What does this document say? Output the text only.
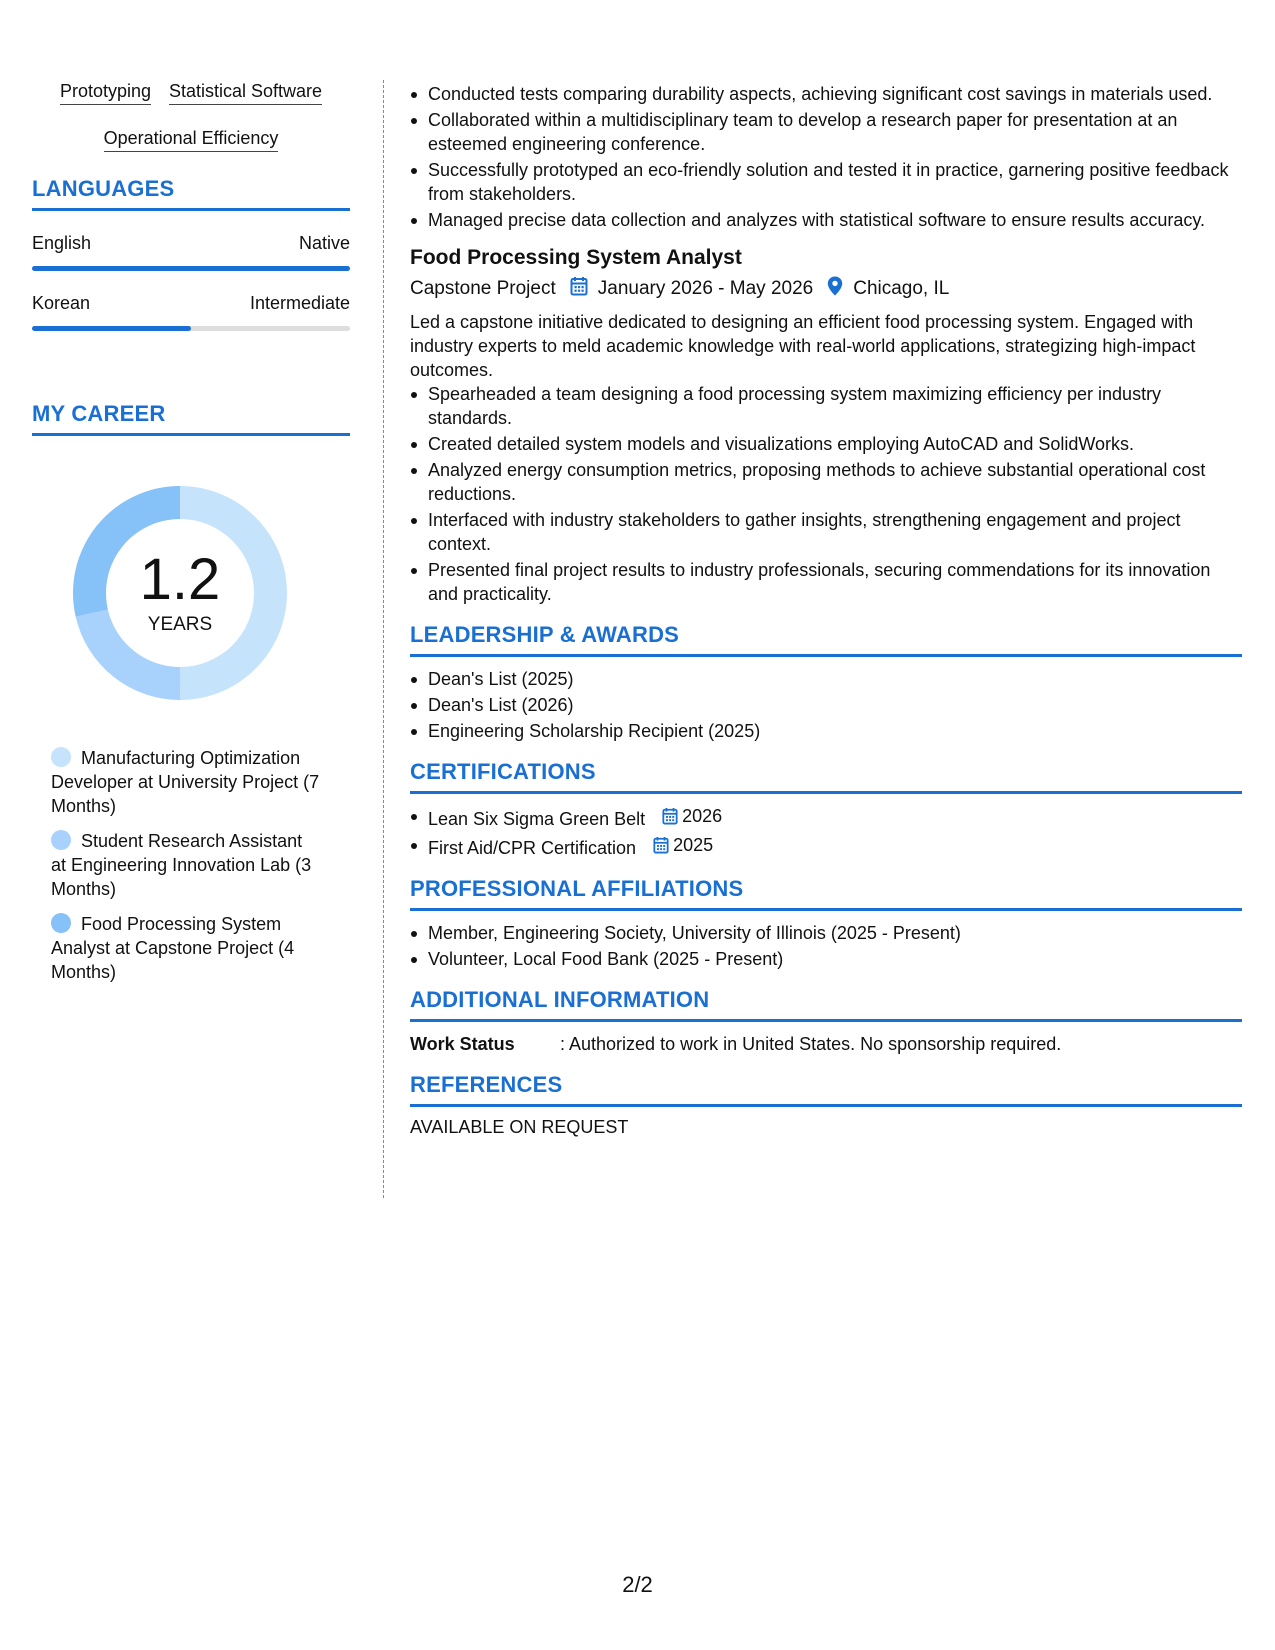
Prototyping Statistical Software
Operational Efficiency
LANGUAGES
English	Native
Korean	Intermediate
MY CAREER
1.2
YEARS
Manufacturing Optimization Developer at University Project (7 Months)
Student Research Assistant at Engineering Innovation Lab (3 Months)
Food Processing System Analyst at Capstone Project (4 Months)
Conducted tests comparing durability aspects, achieving significant cost savings in materials used.
Collaborated within a multidisciplinary team to develop a research paper for presentation at an esteemed engineering conference.
Successfully prototyped an eco-friendly solution and tested it in practice, garnering positive feedback from stakeholders.
Managed precise data collection and analyzes with statistical software to ensure results accuracy.
Food Processing System Analyst
Capstone Project January 2026 - May 2026 Chicago, IL
Led a capstone initiative dedicated to designing an efficient food processing system. Engaged with industry experts to meld academic knowledge with real-world applications, strategizing high-impact outcomes.
Spearheaded a team designing a food processing system maximizing efficiency per industry standards.
Created detailed system models and visualizations employing AutoCAD and SolidWorks.
Analyzed energy consumption metrics, proposing methods to achieve substantial operational cost reductions.
Interfaced with industry stakeholders to gather insights, strengthening engagement and project context.
Presented final project results to industry professionals, securing commendations for its innovation and practicality.
LEADERSHIP & AWARDS
Dean's List (2025)
Dean's List (2026)
Engineering Scholarship Recipient (2025)
CERTIFICATIONS
Lean Six Sigma Green Belt 2026
First Aid/CPR Certification 2025
PROFESSIONAL AFFILIATIONS
Member, Engineering Society, University of Illinois (2025 - Present)
Volunteer, Local Food Bank (2025 - Present)
ADDITIONAL INFORMATION
Work Status	: Authorized to work in United States. No sponsorship required.
REFERENCES
AVAILABLE ON REQUEST
2/2
